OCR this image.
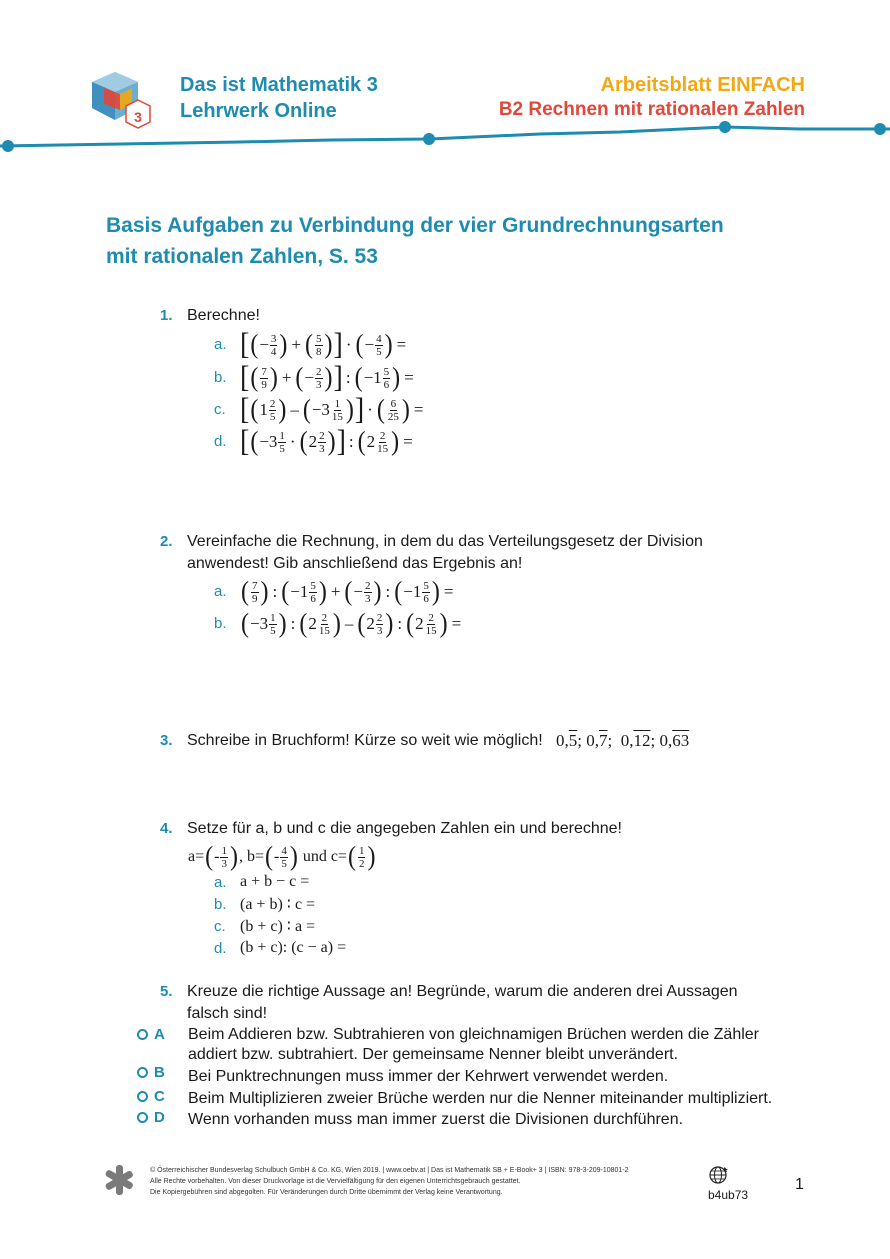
3
Das ist Mathematik 3
Lehrwerk Online
Arbeitsblatt EINFACH
B2 Rechnen mit rationalen Zahlen
Basis Aufgaben zu Verbindung der vier Grundrechnungsarten
mit rationalen Zahlen, S. 53
1. Berechne!
a. [ ( − $\frac{3}{4}$ ) + ( $\frac{5}{8}$ ) ] · ( − $\frac{4}{5}$ ) =
b. [ ( $\frac{7}{9}$ ) + ( − $\frac{2}{3}$ ) ] : ( − $1 \frac{5}{6}$ ) =
c. [ ( $1 \frac{2}{5}$ ) – ( − $3 \frac{1}{15}$ ) ] · ( $\frac{6}{25}$ ) =
d. [ ( − $3 \frac{1}{5}$ · ( $2 \frac{2}{3}$ ) ] : ( $2 \frac{2}{15}$ ) =
2. Vereinfache die Rechnung, in dem du das Verteilungsgesetz der Division
anwendest! Gib anschließend das Ergebnis an!
a. ( $\frac{7}{9}$ ) : ( − $1 \frac{5}{6}$ ) + ( − $\frac{2}{3}$ ) : ( − $1 \frac{5}{6}$ ) =
b. ( − $3 \frac{1}{5}$ ) : ( $2 \frac{2}{15}$ ) – ( $2 \frac{2}{3}$ ) : ( $2 \frac{2}{15}$ ) =
3. Schreibe in Bruchform! Kürze so weit wie möglich! 0, 5 ; 0, 7 ; 0, 12 ; 0, 63
4. Setze für a, b und c die angegeben Zahlen ein und berechne!
a= ( - $\frac{1}{3}$ ) , b= ( - $\frac{4}{5}$ )
und c= ( $\frac{1}{2}$ )
a. a + b − c =
b. (a + b) ∶ c =
c. (b + c) ∶ a =
d. (b + c): (c − a) =
5. Kreuze die richtige Aussage an! Begründe, warum die anderen drei Aussagen
falsch sind!
A Beim Addieren bzw. Subtrahieren von gleichnamigen Brüchen werden die Zähler
addiert bzw. subtrahiert. Der gemeinsame Nenner bleibt unverändert.
B Bei Punktrechnungen muss immer der Kehrwert verwendet werden.
C Beim Multiplizieren zweier Brüche werden nur die Nenner miteinander multipliziert.
D Wenn vorhanden muss man immer zuerst die Divisionen durchführen.
© Österreichischer Bundesverlag Schulbuch GmbH & Co. KG, Wien 2019. | www.oebv.at | Das ist Mathematik SB + E-Book+ 3 | ISBN: 978-3-209-10801-2
Alle Rechte vorbehalten. Von dieser Druckvorlage ist die Vervielfältigung für den eigenen Unterrichtsgebrauch gestattet.
Die Kopiergebühren sind abgegolten. Für Veränderungen durch Dritte übernimmt der Verlag keine Verantwortung.	b4ub73
1
